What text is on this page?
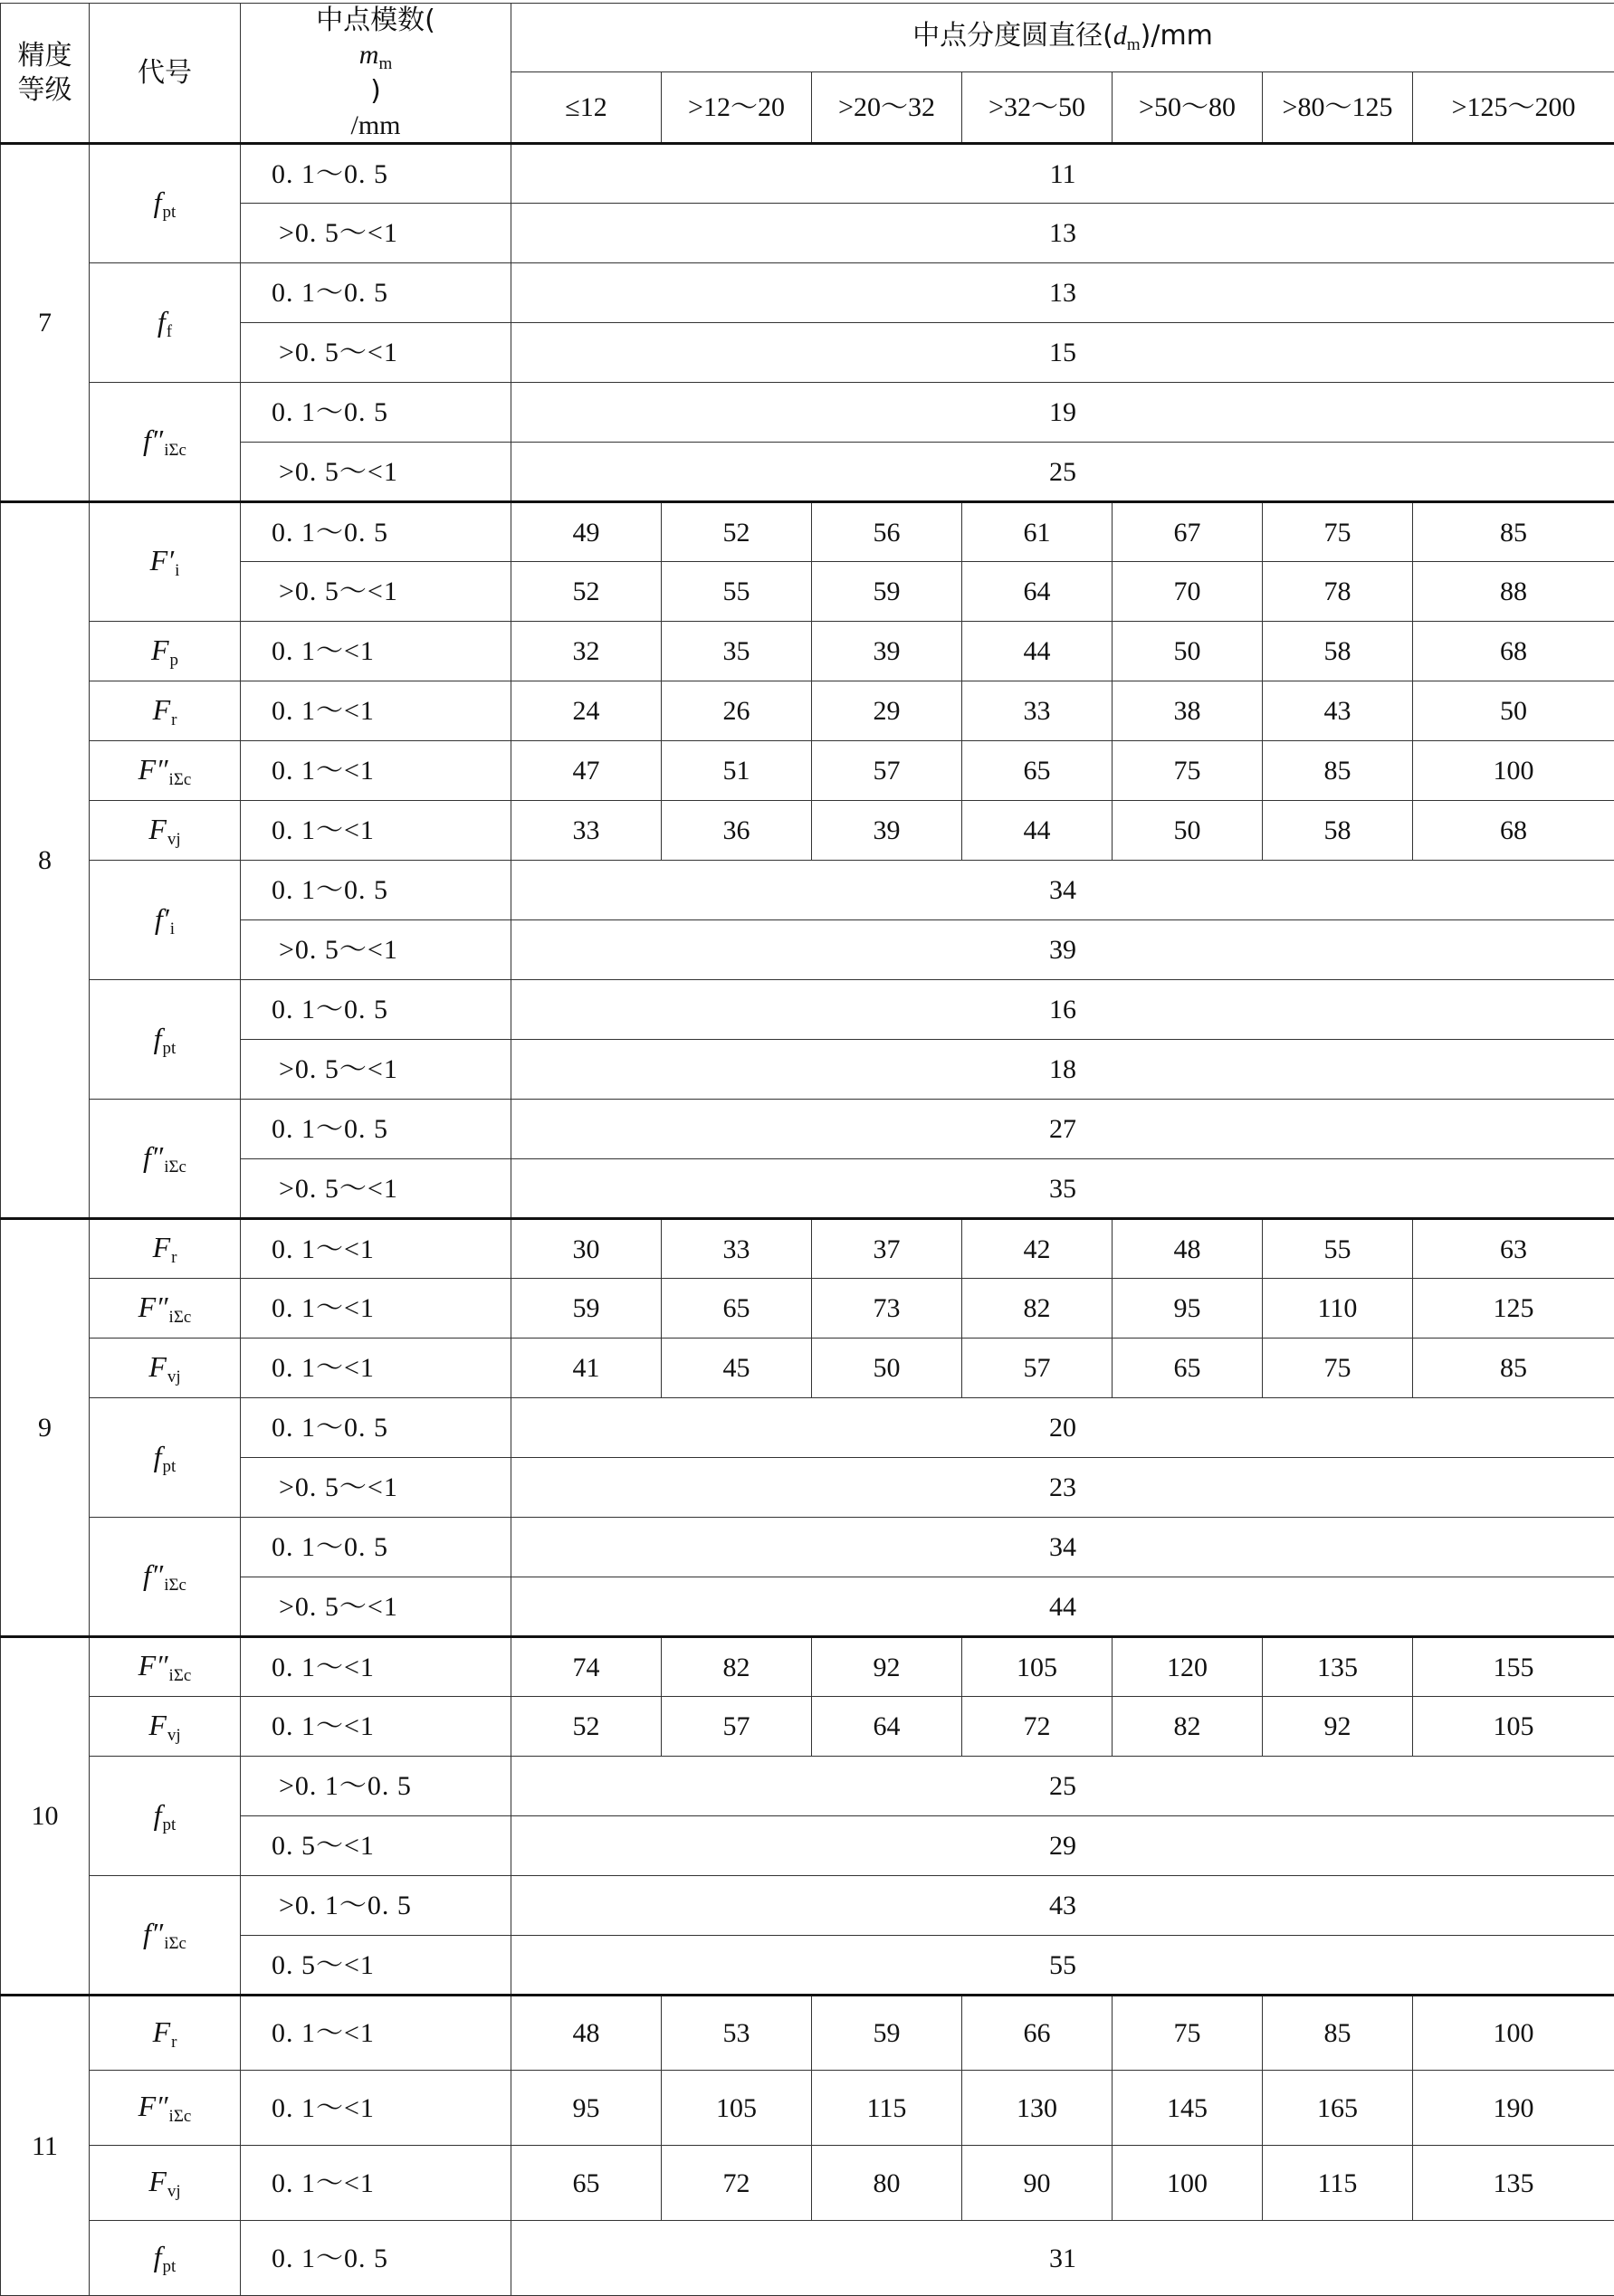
精度
等级	代号	中点模数(
$m_m$
)
/mm	中点分度圆直径$(d_m)/mm$						
			≤12	>12～20	>20～32	>32～50	>50～80	>80～125	>125～200
7	$f_{pt}$	0. 1～0. 5	11						
		>0. 5～<1	13						
	$f_f$	0. 1～0. 5	13						
		>0. 5～<1	15						
	$f''_{i\Sigma c}$	0. 1～0. 5	19						
		>0. 5～<1	25						
8	$F'_i$	0. 1～0. 5	49	52	56	61	67	75	85
		>0. 5～<1	52	55	59	64	70	78	88
	$F_p$	0. 1～<1	32	35	39	44	50	58	68
	$F_r$	0. 1～<1	24	26	29	33	38	43	50
	$F''_{i\Sigma c}$	0. 1～<1	47	51	57	65	75	85	100
	$F_{vj}$	0. 1～<1	33	36	39	44	50	58	68
	$f'_i$	0. 1～0. 5	34						
		>0. 5～<1	39						
	$f_{pt}$	0. 1～0. 5	16						
		>0. 5～<1	18						
	$f''_{i\Sigma c}$	0. 1～0. 5	27						
		>0. 5～<1	35						
9	$F_r$	0. 1～<1	30	33	37	42	48	55	63
	$F''_{i\Sigma c}$	0. 1～<1	59	65	73	82	95	110	125
	$F_{vj}$	0. 1～<1	41	45	50	57	65	75	85
	$f_{pt}$	0. 1～0. 5	20						
		>0. 5～<1	23						
	$f''_{i\Sigma c}$	0. 1～0. 5	34						
		>0. 5～<1	44						
10	$F''_{i\Sigma c}$	0. 1～<1	74	82	92	105	120	135	155
	$F_{vj}$	0. 1～<1	52	57	64	72	82	92	105
	$f_{pt}$	>0. 1～0. 5	25						
		0. 5～<1	29						
	$f''_{i\Sigma c}$	>0. 1～0. 5	43						
		0. 5～<1	55						
11	$F_r$	0. 1～<1	48	53	59	66	75	85	100
	$F''_{i\Sigma c}$	0. 1～<1	95	105	115	130	145	165	190
	$F_{vj}$	0. 1～<1	65	72	80	90	100	115	135
	$f_{pt}$	0. 1～0. 5	31						
